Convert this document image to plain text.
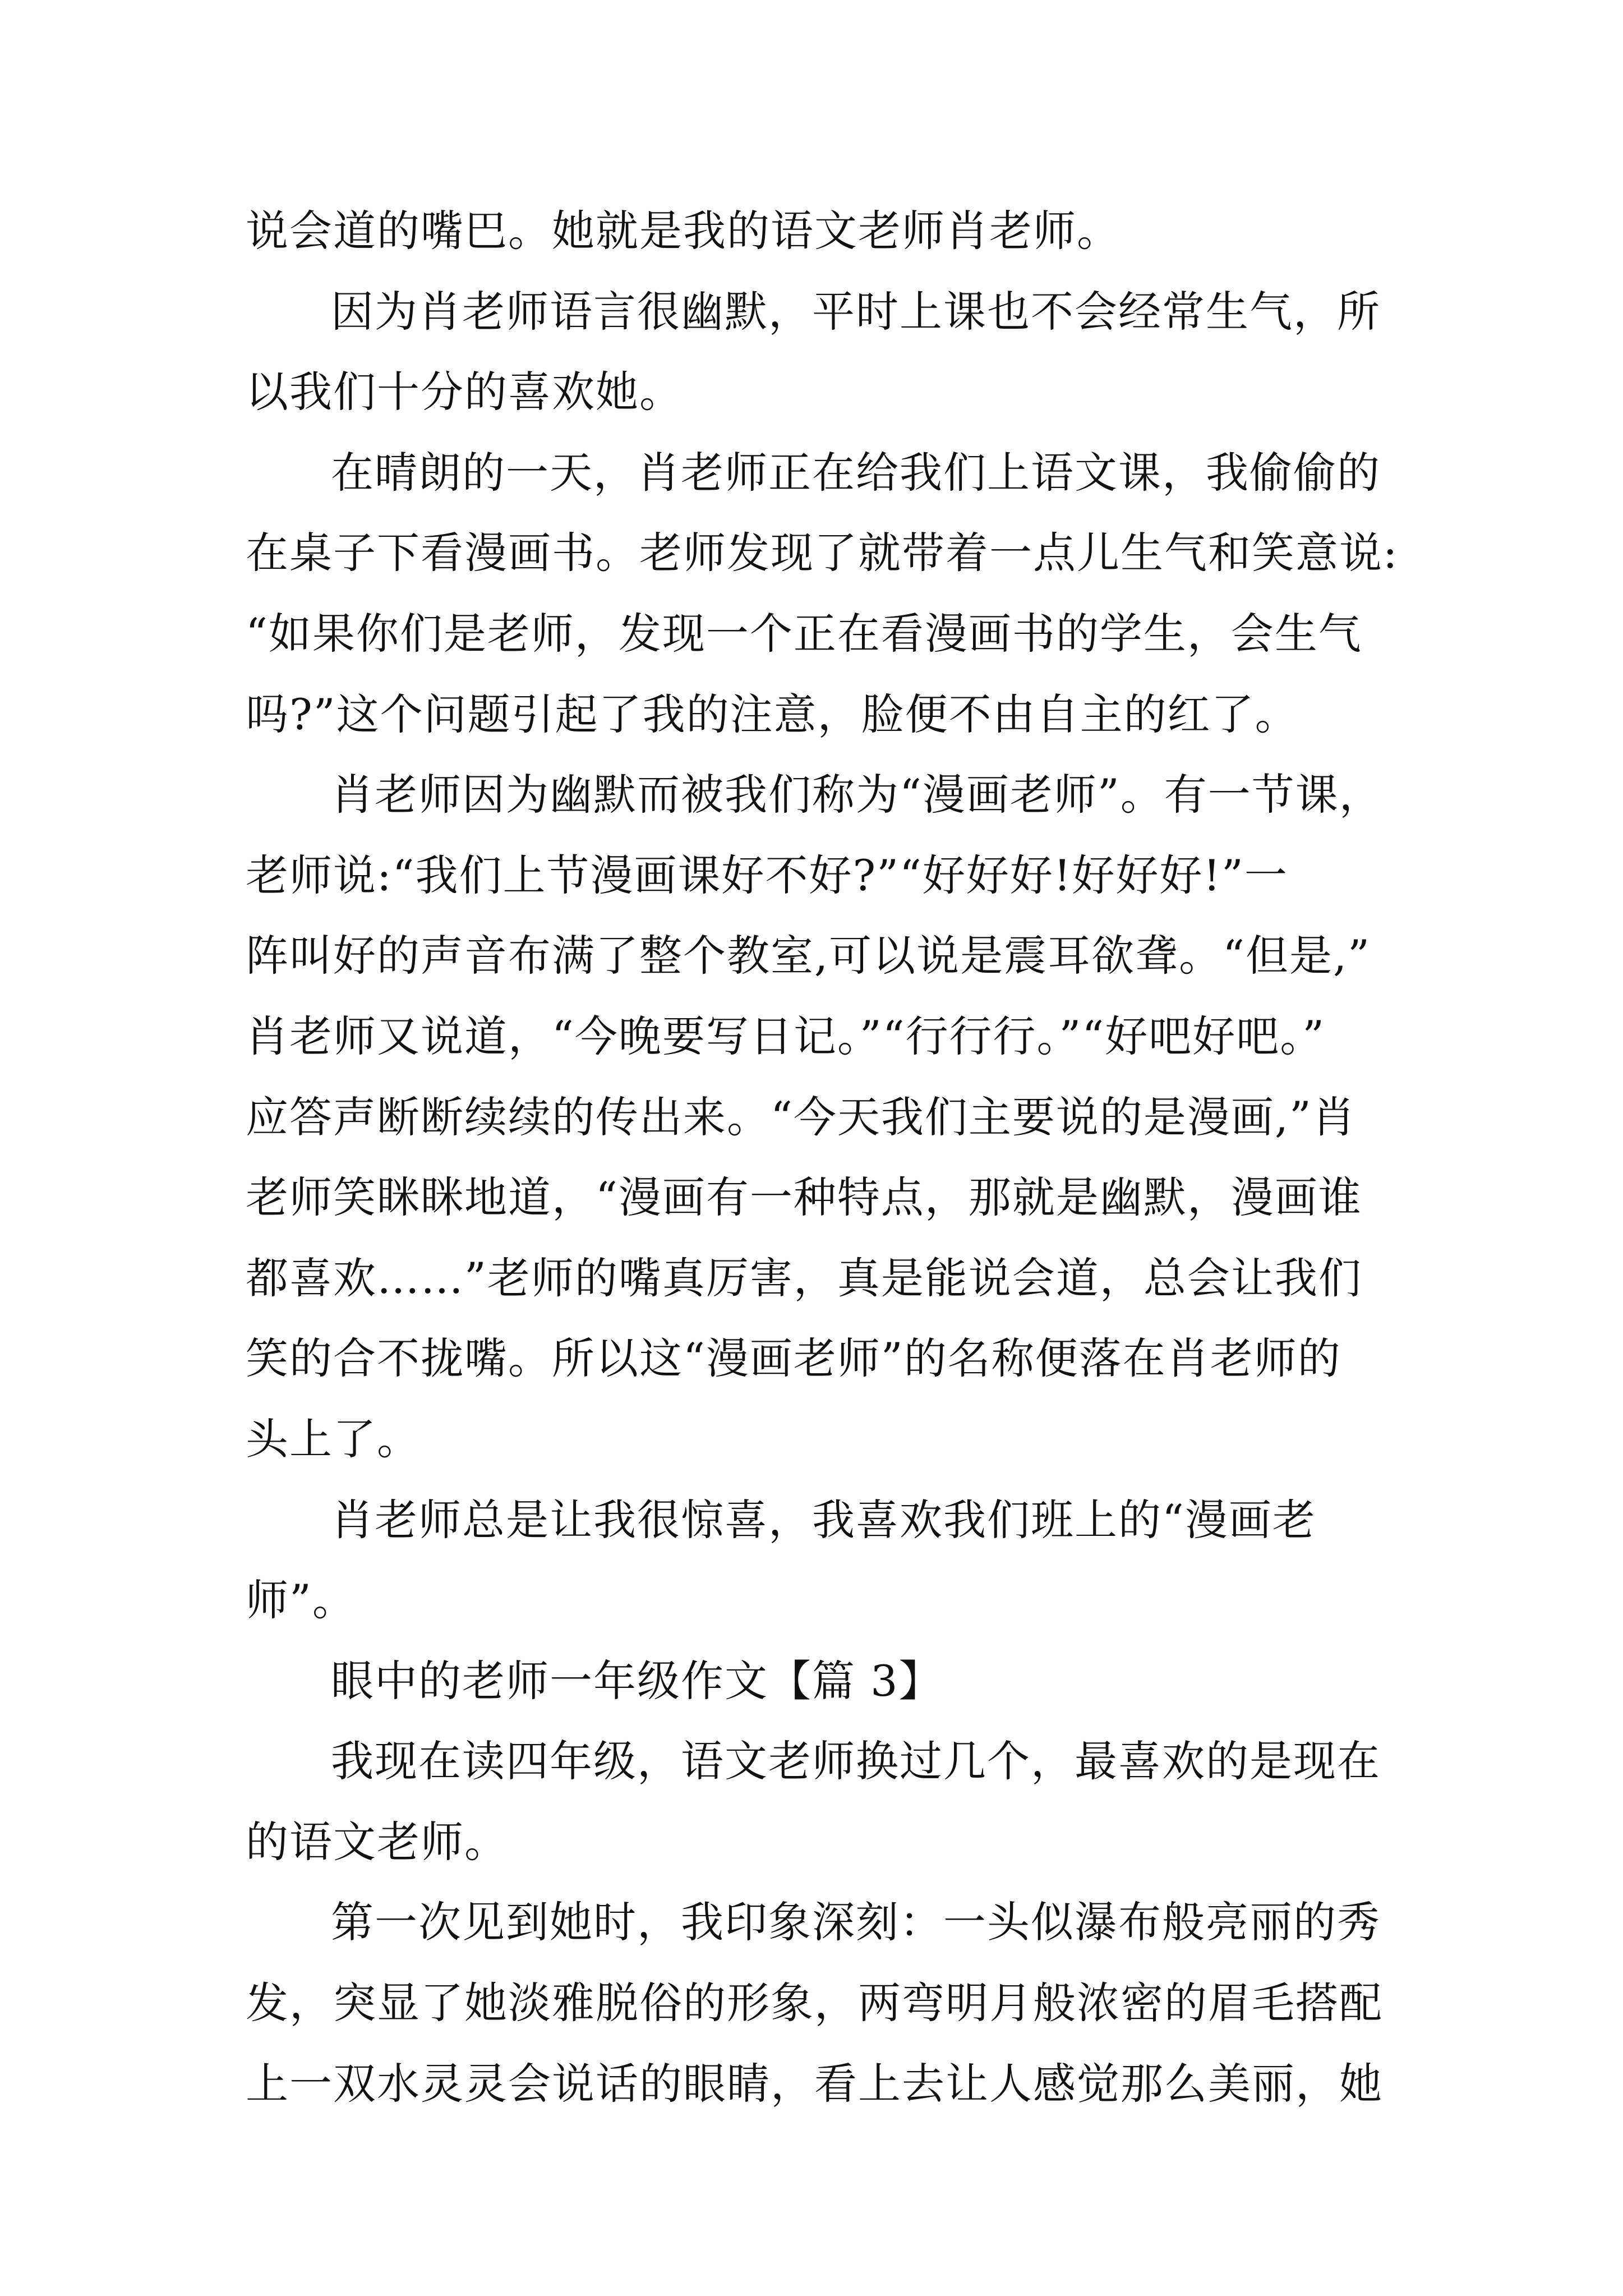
说会道的嘴巴。她就是我的语文老师肖老师。
因为肖老师语言很幽默，平时上课也不会经常生气，所
以我们十分的喜欢她。
在晴朗的一天，肖老师正在给我们上语文课，我偷偷的
在桌子下看漫画书。老师发现了就带着一点儿生气和笑意说:
“如果你们是老师，发现一个正在看漫画书的学生，会生气
吗?”这个问题引起了我的注意，脸便不由自主的红了。
肖老师因为幽默而被我们称为“漫画老师”。有一节课，
老师说:“我们上节漫画课好不好?”“好好好!好好好!”一
阵叫好的声音布满了整个教室,可以说是震耳欲聋。“但是,”
肖老师又说道，“今晚要写日记。”“行行行。”“好吧好吧。”
应答声断断续续的传出来。“今天我们主要说的是漫画,”肖
老师笑眯眯地道，“漫画有一种特点，那就是幽默，漫画谁
都喜欢……”老师的嘴真厉害，真是能说会道，总会让我们
笑的合不拢嘴。所以这“漫画老师”的名称便落在肖老师的
头上了。
肖老师总是让我很惊喜，我喜欢我们班上的“漫画老
师”。
眼中的老师一年级作文【篇 3】
我现在读四年级，语文老师换过几个，最喜欢的是现在
的语文老师。
第一次见到她时，我印象深刻：一头似瀑布般亮丽的秀
发，突显了她淡雅脱俗的形象，两弯明月般浓密的眉毛搭配
上一双水灵灵会说话的眼睛，看上去让人感觉那么美丽，她
